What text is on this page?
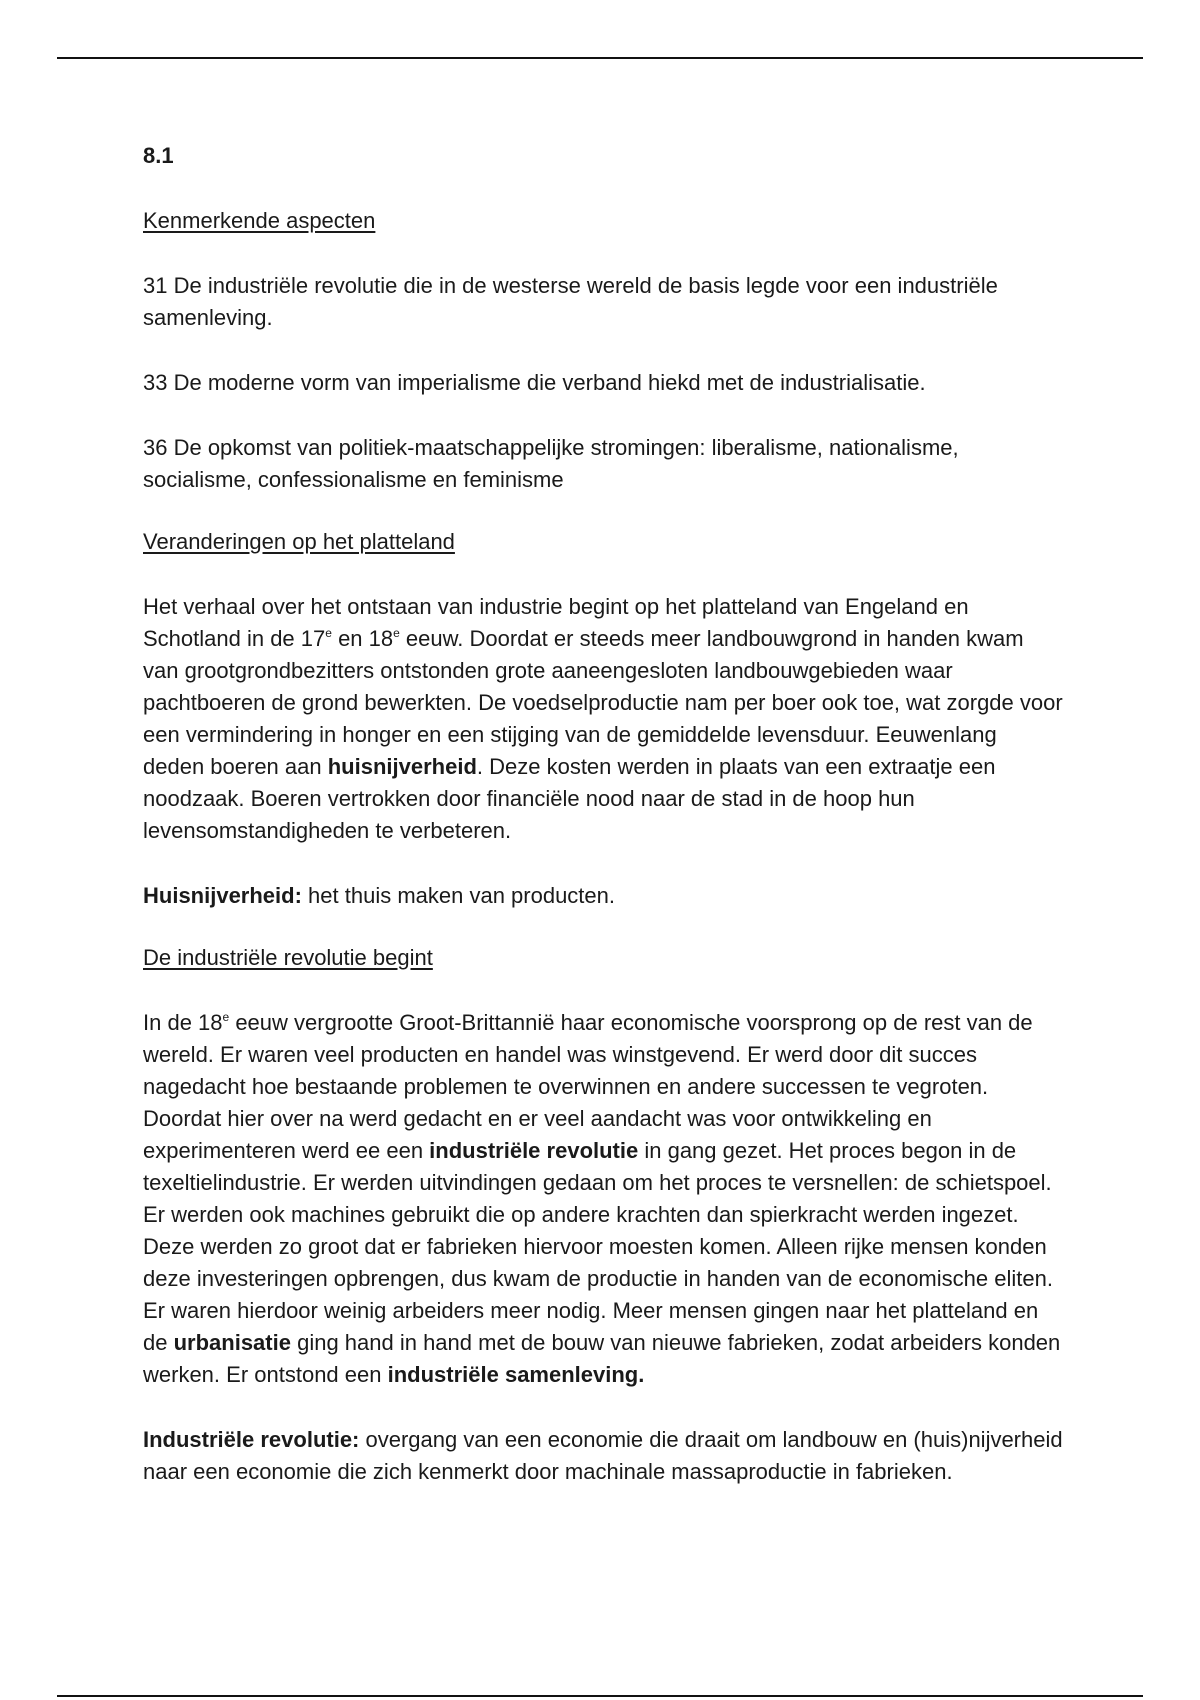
8.1

Kenmerkende aspecten

31 De industriële revolutie die in de westerse wereld de basis legde voor een industriële samenleving.

33 De moderne vorm van imperialisme die verband hiekd met de industrialisatie.

36 De opkomst van politiek-maatschappelijke stromingen: liberalisme, nationalisme, socialisme, confessionalisme en feminisme

Veranderingen op het platteland

Het verhaal over het ontstaan van industrie begint op het platteland van Engeland en Schotland in de 17e en 18e eeuw. Doordat er steeds meer landbouwgrond in handen kwam van grootgrondbezitters ontstonden grote aaneengesloten landbouwgebieden waar pachtboeren de grond bewerkten. De voedselproductie nam per boer ook toe, wat zorgde voor een vermindering in honger en een stijging van de gemiddelde levensduur. Eeuwenlang deden boeren aan huisnijverheid. Deze kosten werden in plaats van een extraatje een noodzaak. Boeren vertrokken door financiële nood naar de stad in de hoop hun levensomstandigheden te verbeteren.

Huisnijverheid: het thuis maken van producten.

De industriële revolutie begint

In de 18e eeuw vergrootte Groot-Brittannië haar economische voorsprong op de rest van de wereld. Er waren veel producten en handel was winstgevend. Er werd door dit succes nagedacht hoe bestaande problemen te overwinnen en andere successen te vegroten. Doordat hier over na werd gedacht en er veel aandacht was voor ontwikkeling en experimenteren werd ee een industriële revolutie in gang gezet. Het proces begon in de texeltielindustrie. Er werden uitvindingen gedaan om het proces te versnellen: de schietspoel. Er werden ook machines gebruikt die op andere krachten dan spierkracht werden ingezet. Deze werden zo groot dat er fabrieken hiervoor moesten komen. Alleen rijke mensen konden deze investeringen opbrengen, dus kwam de productie in handen van de economische eliten. Er waren hierdoor weinig arbeiders meer nodig. Meer mensen gingen naar het platteland en de urbanisatie ging hand in hand met de bouw van nieuwe fabrieken, zodat arbeiders konden werken. Er ontstond een industriële samenleving.

Industriële revolutie: overgang van een economie die draait om landbouw en (huis)nijverheid naar een economie die zich kenmerkt door machinale massaproductie in fabrieken.
